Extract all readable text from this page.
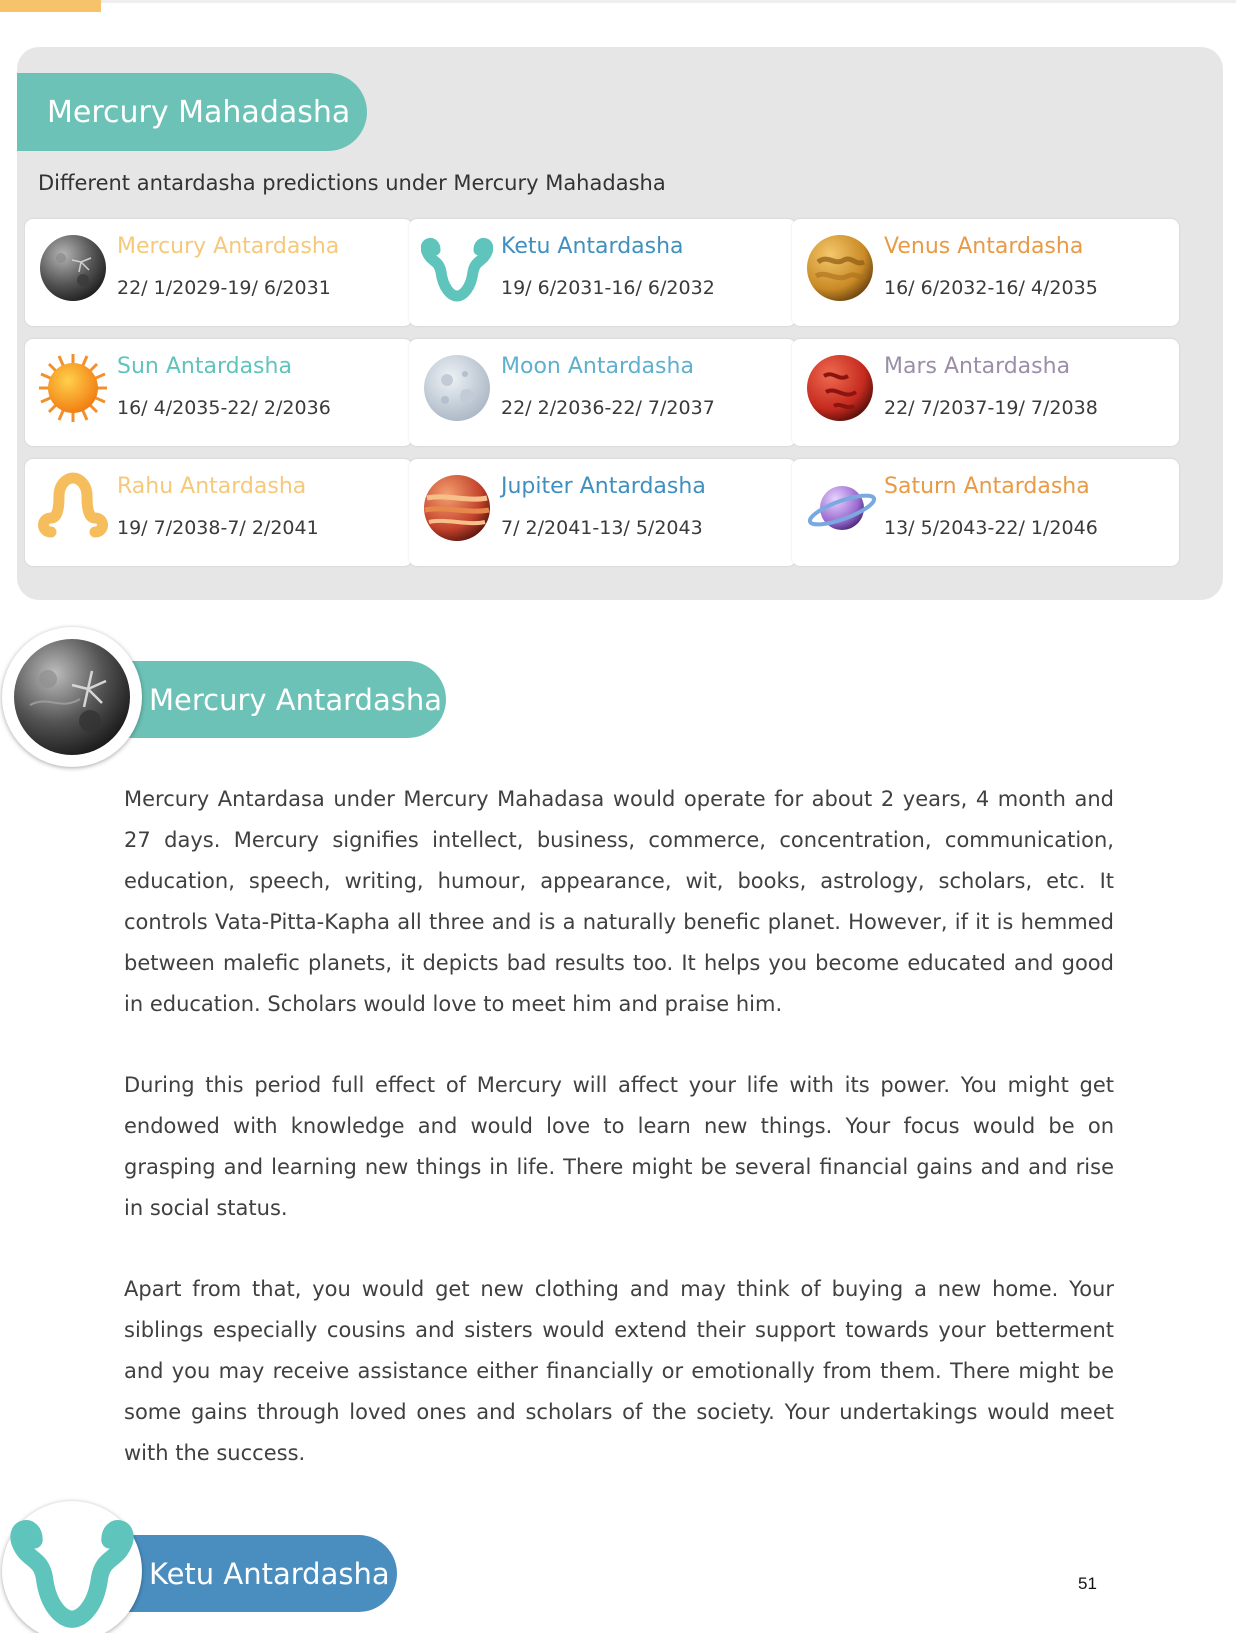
Mercury Mahadasha
Different antardasha predictions under Mercury Mahadasha
Mercury Antardasha
22/ 1/2029-19/ 6/2031
Ketu Antardasha
19/ 6/2031-16/ 6/2032
Venus Antardasha
16/ 6/2032-16/ 4/2035
Sun Antardasha
16/ 4/2035-22/ 2/2036
Moon Antardasha
22/ 2/2036-22/ 7/2037
Mars Antardasha
22/ 7/2037-19/ 7/2038
Rahu Antardasha
19/ 7/2038-7/ 2/2041
Jupiter Antardasha
7/ 2/2041-13/ 5/2043
Saturn Antardasha
13/ 5/2043-22/ 1/2046
Mercury Antardasha
Mercury Antardasa under Mercury Mahadasa would operate for about 2 years, 4 month and 27 days. Mercury signifies intellect, business, commerce, concentration, communication, education, speech, writing, humour, appearance, wit, books, astrology, scholars, etc. It controls Vata-Pitta-Kapha all three and is a naturally benefic planet. However, if it is hemmed between malefic planets, it depicts bad results too. It helps you become educated and good in education. Scholars would love to meet him and praise him.
During this period full effect of Mercury will affect your life with its power. You might get endowed with knowledge and would love to learn new things. Your focus would be on grasping and learning new things in life. There might be several financial gains and and rise in social status.
Apart from that, you would get new clothing and may think of buying a new home. Your siblings especially cousins and sisters would extend their support towards your betterment and you may receive assistance either financially or emotionally from them. There might be some gains through loved ones and scholars of the society. Your undertakings would meet with the success.
Ketu Antardasha	51
